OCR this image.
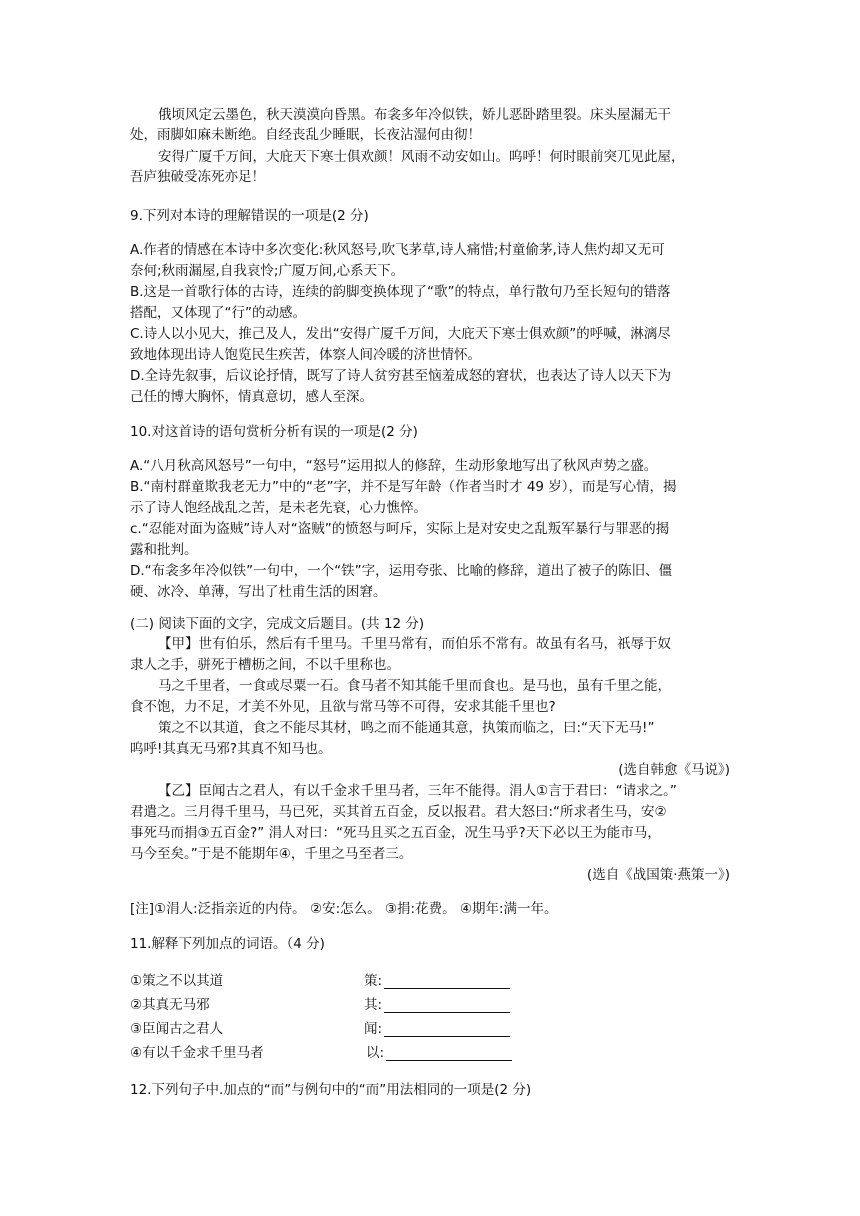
俄顷风定云墨色，秋天漠漠向昏黑。布衾多年冷似铁，娇儿恶卧踏里裂。床头屋漏无干
处，雨脚如麻未断绝。自经丧乱少睡眠，长夜沾湿何由彻！
安得广厦千万间，大庇天下寒士俱欢颜！风雨不动安如山。呜呼！何时眼前突兀见此屋，
吾庐独破受冻死亦足！
9.下列对本诗的理解错误的一项是(2 分)
A.作者的情感在本诗中多次变化:秋风怒号,吹飞茅草,诗人痛惜;村童偷茅,诗人焦灼却又无可
奈何;秋雨漏屋,自我哀怜;广厦万间,心系天下。
B.这是一首歌行体的古诗，连续的韵脚变换体现了“歌”的特点，单行散句乃至长短句的错落
搭配，又体现了“行”的动感。
C.诗人以小见大，推己及人，发出“安得广厦千万间，大庇天下寒士俱欢颜”的呼喊，淋漓尽
致地体现出诗人饱览民生疾苦，体察人间冷暖的济世情怀。
D.全诗先叙事，后议论抒情，既写了诗人贫穷甚至恼羞成怒的窘状，也表达了诗人以天下为
己任的博大胸怀，情真意切，感人至深。
10.对这首诗的语句赏析分析有误的一项是(2 分)
A.“八月秋高风怒号”一句中，“怒号”运用拟人的修辞，生动形象地写出了秋风声势之盛。
B.“南村群童欺我老无力”中的“老”字，并不是写年龄（作者当时才 49 岁），而是写心情，揭
示了诗人饱经战乱之苦，是未老先衰，心力憔悴。
c.“忍能对面为盗贼”诗人对“盗贼”的愤怒与呵斥，实际上是对安史之乱叛军暴行与罪恶的揭
露和批判。
D.“布衾多年冷似铁”一句中，一个“铁”字，运用夸张、比喻的修辞，道出了被子的陈旧、僵
硬、冰冷、单薄，写出了杜甫生活的困窘。
(二) 阅读下面的文字，完成文后题目。(共 12 分)
【甲】世有伯乐，然后有千里马。千里马常有，而伯乐不常有。故虽有名马，祇辱于奴
隶人之手，骈死于槽枥之间，不以千里称也。
马之千里者，一食或尽粟一石。食马者不知其能千里而食也。是马也，虽有千里之能，
食不饱，力不足，才美不外见，且欲与常马等不可得，安求其能千里也?
策之不以其道，食之不能尽其材，鸣之而不能通其意，执策而临之，曰:“天下无马!”
呜呼!其真无马邪?其真不知马也。
(选自韩愈《马说》)
【乙】臣闻古之君人，有以千金求千里马者，三年不能得。涓人①言于君曰：“请求之。”
君遣之。三月得千里马，马已死，买其首五百金，反以报君。君大怒曰:“所求者生马，安②
事死马而捐③五百金?” 涓人对曰：“死马且买之五百金，况生马乎?天下必以王为能市马，
马今至矣。”于是不能期年④，千里之马至者三。
(选自《战国策·燕策一》)
[注]①涓人:泛指亲近的内侍。 ②安:怎么。 ③捐:花费。 ④期年:满一年。
11.解释下列加点的词语。（4 分)
①策之不以其道	策:
②其真无马邪	其:
③臣闻古之君人	闻:
④有以千金求千里马者	以:
12.下列句子中.加点的“而”与例句中的“而”用法相同的一项是(2 分)
